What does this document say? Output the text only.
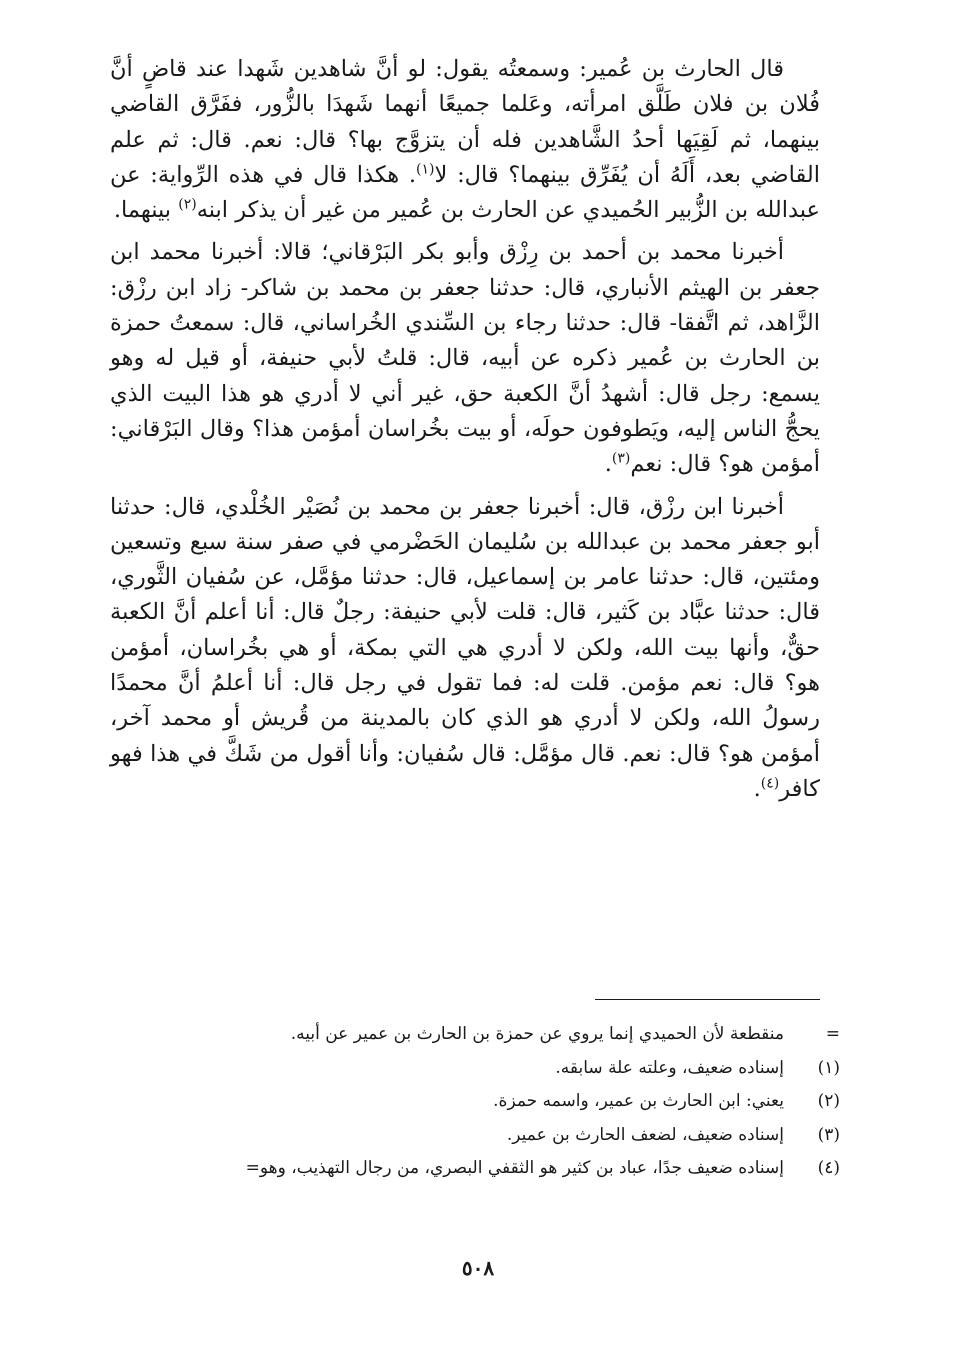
قال الحارث بن عُمير: وسمعتُه يقول: لو أنَّ شاهدين شَهدا عند قاضٍ أنَّ فُلان بن فلان طَلَّق امرأته، وعَلما جميعًا أنهما شَهدَا بالزُّور، ففَرَّق القاضي بينهما، ثم لَقِيَها أحدُ الشَّاهدين فله أن يتزوَّج بها؟ قال: نعم. قال: ثم علم القاضي بعد، أَلَهُ أن يُفَرِّق بينهما؟ قال: لا$^{(١)}$. هكذا قال في هذه الرِّواية: عن عبدالله بن الزُّبير الحُميدي عن الحارث بن عُمير من غير أن يذكر ابنه$^{(٢)}$ بينهما.

أخبرنا محمد بن أحمد بن رِزْق وأبو بكر البَرْقاني؛ قالا: أخبرنا محمد ابن جعفر بن الهيثم الأنباري، قال: حدثنا جعفر بن محمد بن شاكر- زاد ابن رزْق: الزَّاهد، ثم اتَّفقا- قال: حدثنا رجاء بن السِّندي الخُراساني، قال: سمعتُ حمزة بن الحارث بن عُمير ذكره عن أبيه، قال: قلتُ لأبي حنيفة، أو قيل له وهو يسمع: رجل قال: أشهدُ أنَّ الكعبة حق، غير أني لا أدري هو هذا البيت الذي يحجُّ الناس إليه، ويَطوفون حولَه، أو بيت بخُراسان أمؤمن هذا؟ وقال البَرْقاني: أمؤمن هو؟ قال: نعم$^{(٣)}$.

أخبرنا ابن رزْق، قال: أخبرنا جعفر بن محمد بن نُصَيْر الخُلْدي، قال: حدثنا أبو جعفر محمد بن عبدالله بن سُليمان الحَضْرمي في صفر سنة سبع وتسعين ومئتين، قال: حدثنا عامر بن إسماعيل، قال: حدثنا مؤمَّل، عن سُفيان الثَّوري، قال: حدثنا عبَّاد بن كَثير، قال: قلت لأبي حنيفة: رجلٌ قال: أنا أعلم أنَّ الكعبة حقٌّ، وأنها بيت الله، ولكن لا أدري هي التي بمكة، أو هي بخُراسان، أمؤمن هو؟ قال: نعم مؤمن. قلت له: فما تقول في رجل قال: أنا أعلمُ أنَّ محمدًا رسولُ الله، ولكن لا أدري هو الذي كان بالمدينة من قُريش أو محمد آخر، أمؤمن هو؟ قال: نعم. قال مؤمَّل: قال سُفيان: وأنا أقول من شَكَّ في هذا فهو كافر$^{(٤)}$.

=
منقطعة لأن الحميدي إنما يروي عن حمزة بن الحارث بن عمير عن أبيه.
(١)
إسناده ضعيف، وعلته علة سابقه.
(٢)
يعني: ابن الحارث بن عمير، واسمه حمزة.
(٣)
إسناده ضعيف، لضعف الحارث بن عمير.
(٤)
إسناده ضعيف جدًا، عباد بن كثير هو الثقفي البصري، من رجال التهذيب، وهو=
٥٠٨
